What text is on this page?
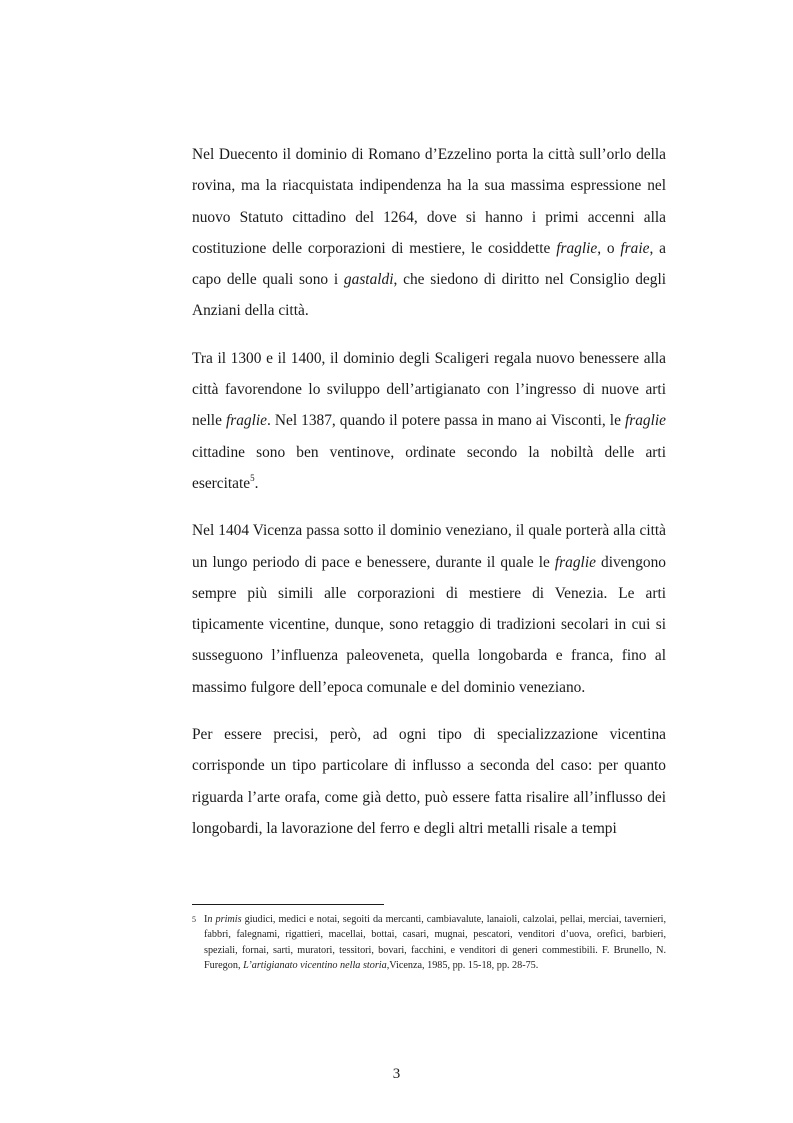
Nel Duecento il dominio di Romano d’Ezzelino porta la città sull’orlo della rovina, ma la riacquistata indipendenza ha la sua massima espressione nel nuovo Statuto cittadino del 1264, dove si hanno i primi accenni alla costituzione delle corporazioni di mestiere, le cosiddette fraglie, o fraie, a capo delle quali sono i gastaldi, che siedono di diritto nel Consiglio degli Anziani della città.

Tra il 1300 e il 1400, il dominio degli Scaligeri regala nuovo benessere alla città favorendone lo sviluppo dell’artigianato con l’ingresso di nuove arti nelle fraglie. Nel 1387, quando il potere passa in mano ai Visconti, le fraglie cittadine sono ben ventinove, ordinate secondo la nobiltà delle arti esercitate$^5$.

Nel 1404 Vicenza passa sotto il dominio veneziano, il quale porterà alla città un lungo periodo di pace e benessere, durante il quale le fraglie divengono sempre più simili alle corporazioni di mestiere di Venezia. Le arti tipicamente vicentine, dunque, sono retaggio di tradizioni secolari in cui si susseguono l’influenza paleoveneta, quella longobarda e franca, fino al massimo fulgore dell’epoca comunale e del dominio veneziano.

Per essere precisi, però, ad ogni tipo di specializzazione vicentina corrisponde un tipo particolare di influsso a seconda del caso: per quanto riguarda l’arte orafa, come già detto, può essere fatta risalire all’influsso dei longobardi, la lavorazione del ferro e degli altri metalli risale a tempi

5 In primis giudici, medici e notai, segoiti da mercanti, cambiavalute, lanaioli, calzolai, pellai, merciai, tavernieri, fabbri, falegnami, rigattieri, macellai, bottai, casari, mugnai, pescatori, venditori d’uova, orefici, barbieri, speziali, fornai, sarti, muratori, tessitori, bovari, facchini, e venditori di generi commestibili. F. Brunello, N. Furegon, L’artigianato vicentino nella storia,Vicenza, 1985, pp. 15-18, pp. 28-75.
3
